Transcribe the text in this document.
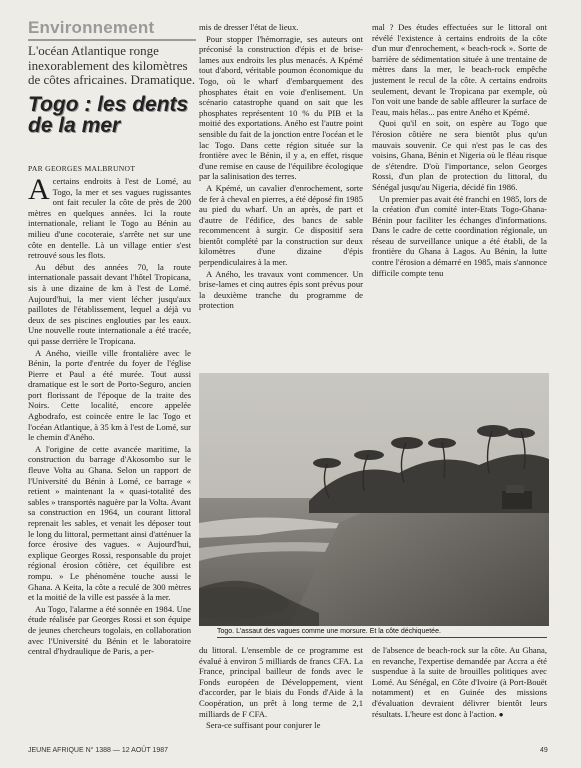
Environnement
L'océan Atlantique ronge inexorablement des kilomètres de côtes africaines. Dramatique.
Togo : les dents de la mer
PAR GEORGES MALBRUNOT

Acertains endroits à l'est de Lomé, au Togo, la mer et ses vagues rugissantes ont fait reculer la côte de près de 200 mètres en quelques années. Ici la route internationale, reliant le Togo au Bénin au milieu d'une cocoteraie, s'arrête net sur une côte en dentelle. Là un village entier s'est retrouvé sous les flots.

Au début des années 70, la route internationale passait devant l'hôtel Tropicana, sis à une dizaine de km à l'est de Lomé. Aujourd'hui, la mer vient lécher jusqu'aux paillotes de l'établissement, lequel a déjà vu deux de ses piscines englouties par les eaux. Une nouvelle route internationale a été tracée, qui passe derrière le Tropicana.

A Aného, vieille ville frontalière avec le Bénin, la porte d'entrée du foyer de l'église Pierre et Paul a été murée. Tout aussi dramatique est le sort de Porto-Seguro, ancien port florissant de l'époque de la traite des Noirs. Cette localité, encore appelée Agbodrafo, est coincée entre le lac Togo et l'océan Atlantique, à 35 km à l'est de Lomé, sur le chemin d'Aného.

A l'origine de cette avancée maritime, la construction du barrage d'Akosombo sur le fleuve Volta au Ghana. Selon un rapport de l'Université du Bénin à Lomé, ce barrage « retient » maintenant la « quasi-totalité des sables » transportés naguère par la Volta. Avant sa construction en 1964, un courant littoral reprenait les sables, et venait les déposer tout le long du littoral, permettant ainsi d'atténuer la force érosive des vagues. « Aujourd'hui, explique Georges Rossi, responsable du projet régional érosion côtière, cet équilibre est rompu. » Le phénomène touche aussi le Ghana. A Keita, la côte a reculé de 300 mètres et la moitié de la ville est passée à la mer.

Au Togo, l'alarme a été sonnée en 1984. Une étude réalisée par Georges Rossi et son équipe de jeunes chercheurs togolais, en collaboration avec l'Université du Bénin et le laboratoire central d'hydraulique de Paris, a per-

mis de dresser l'état de lieux.

Pour stopper l'hémorragie, ses auteurs ont préconisé la construction d'épis et de brise-lames aux endroits les plus menacés. A Kpémé tout d'abord, véritable poumon économique du Togo, où le wharf d'embarquement des phosphates était en voie d'enlisement. Un scénario catastrophe quand on sait que les phosphates représentent 10 % du PIB et la moitié des exportations. Aného est l'autre point sensible du fait de la jonction entre l'océan et le lac Togo. Dans cette région située sur la frontière avec le Bénin, il y a, en effet, risque d'une remise en cause de l'équilibre écologique par la salinisation des terres.

A Kpémé, un cavalier d'enrochement, sorte de fer à cheval en pierres, a été déposé fin 1985 au pied du wharf. Un an après, de part et d'autre de l'édifice, des bancs de sable recommencent à surgir. Ce dispositif sera bientôt complété par la construction sur deux kilomètres d'une dizaine d'épis perpendiculaires à la mer.

A Aného, les travaux vont commencer. Un brise-lames et cinq autres épis sont prévus pour la deuxième tranche du programme de protection

mal ? Des études effectuées sur le littoral ont révélé l'existence à certains endroits de la côte d'un mur d'enrochement, « beach-rock ». Sorte de barrière de sédimentation située à une trentaine de mètres dans la mer, le beach-rock empêche justement le recul de la côte. A certains endroits seulement, devant le Tropicana par exemple, où l'on voit une bande de sable affleurer la surface de l'eau, mais hélas... pas entre Aného et Kpémé.

Quoi qu'il en soit, on espère au Togo que l'érosion côtière ne sera bientôt plus qu'un mauvais souvenir. Ce qui n'est pas le cas des voisins, Ghana, Bénin et Nigeria où le fléau risque de s'étendre. D'où l'importance, selon Georges Rossi, d'un plan de protection du littoral, du Sénégal jusqu'au Nigeria, décidé fin 1986.

Un premier pas avait été franchi en 1985, lors de la création d'un comité inter-Etats Togo-Ghana-Bénin pour faciliter les échanges d'informations. Dans le cadre de cette coordination régionale, un réseau de surveillance unique a été établi, de la frontière du Ghana à Lagos. Au Bénin, la lutte contre l'érosion a démarré en 1985, mais s'annonce difficile compte tenu

Togo. L'assaut des vagues comme une morsure. Et la côte déchiquetée.

du littoral. L'ensemble de ce programme est évalué à environ 5 milliards de francs CFA. La France, principal bailleur de fonds avec le Fonds européen de Développement, vient d'accorder, par le biais du Fonds d'Aide à la Coopération, un prêt à long terme de 2,1 milliards de F CFA.

Sera-ce suffisant pour conjurer le

de l'absence de beach-rock sur la côte. Au Ghana, en revanche, l'expertise demandée par Accra a été suspendue à la suite de brouilles politiques avec Lomé. Au Sénégal, en Côte d'Ivoire (à Port-Bouët notamment) et en Guinée des missions d'évaluation devraient délivrer bientôt leurs résultats. L'heure est donc à l'action. ●

JEUNE AFRIQUE N° 1388 — 12 AOÛT 1987	49
